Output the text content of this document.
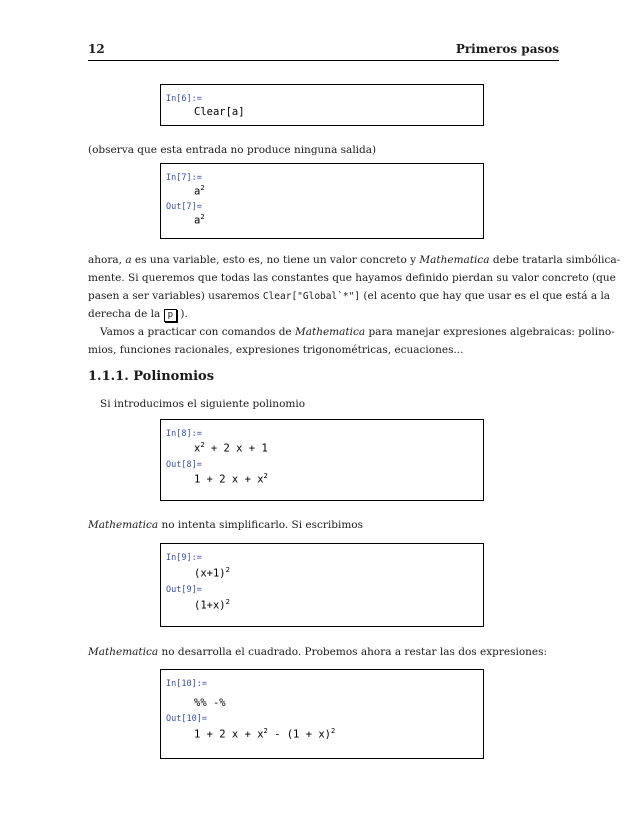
12	Primeros pasos
In[6]:=
Clear[a]

(observa que esta entrada no produce ninguna salida)

In[7]:=
$a^2$
Out[7]=
$a^2$

ahora, a es una variable, esto es, no tiene un valor concreto y Mathematica debe tratarla simbólica-

mente. Si queremos que todas las constantes que hayamos definido pierdan su valor concreto (que

pasen a ser variables) usaremos Clear["Global`*"] (el acento que hay que usar es el que está a la

derecha de la p ).

Vamos a practicar con comandos de Mathematica para manejar expresiones algebraicas: polino-

mios, funciones racionales, expresiones trigonométricas, ecuaciones...

1.1.1. Polinomios

Si introducimos el siguiente polinomio

In[8]:=
$x^2 + 2$ x + 1
Out[8]=
1 + 2 $x + x^2$

Mathematica no intenta simplificarlo. Si escribimos

In[9]:=
$(x+1)^2$
Out[9]=
$(1+x)^2$

Mathematica no desarrolla el cuadrado. Probemos ahora a restar las dos expresiones:

In[10]:=
%% -%
Out[10]=
1 + 2 $x + x^2 - (1 + x)^2$
